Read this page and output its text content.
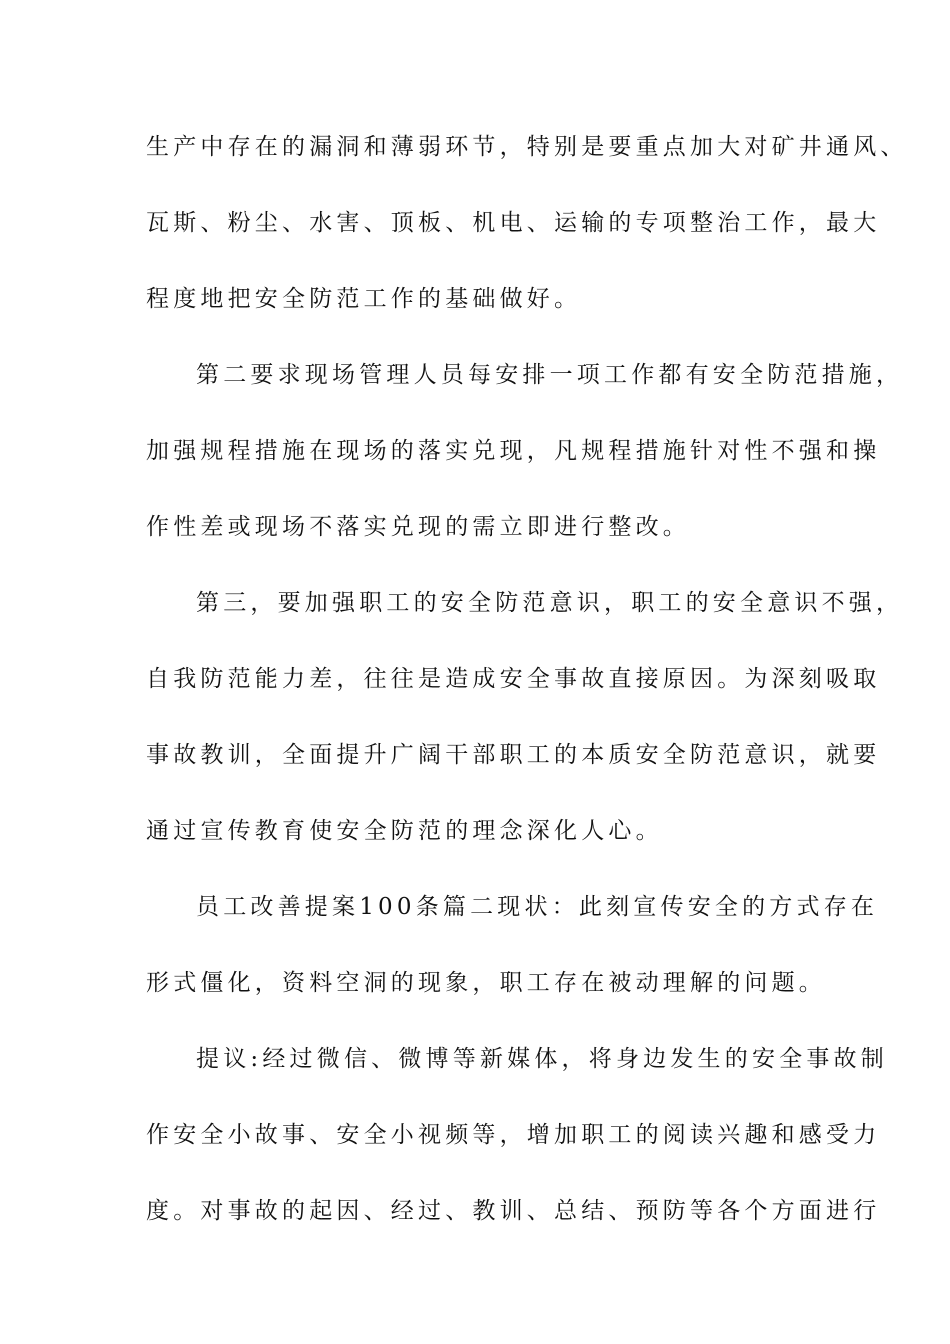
生产中存在的漏洞和薄弱环节，特别是要重点加大对矿井通风、
瓦斯、粉尘、水害、顶板、机电、运输的专项整治工作，最大
程度地把安全防范工作的基础做好。
第二要求现场管理人员每安排一项工作都有安全防范措施，
加强规程措施在现场的落实兑现，凡规程措施针对性不强和操
作性差或现场不落实兑现的需立即进行整改。
第三，要加强职工的安全防范意识，职工的安全意识不强，
自我防范能力差，往往是造成安全事故直接原因。为深刻吸取
事故教训，全面提升广阔干部职工的本质安全防范意识，就要
通过宣传教育使安全防范的理念深化人心。
员工改善提案100条篇二现状：此刻宣传安全的方式存在
形式僵化，资料空洞的现象，职工存在被动理解的问题。
提议:经过微信、微博等新媒体，将身边发生的安全事故制
作安全小故事、安全小视频等，增加职工的阅读兴趣和感受力
度。对事故的起因、经过、教训、总结、预防等各个方面进行
